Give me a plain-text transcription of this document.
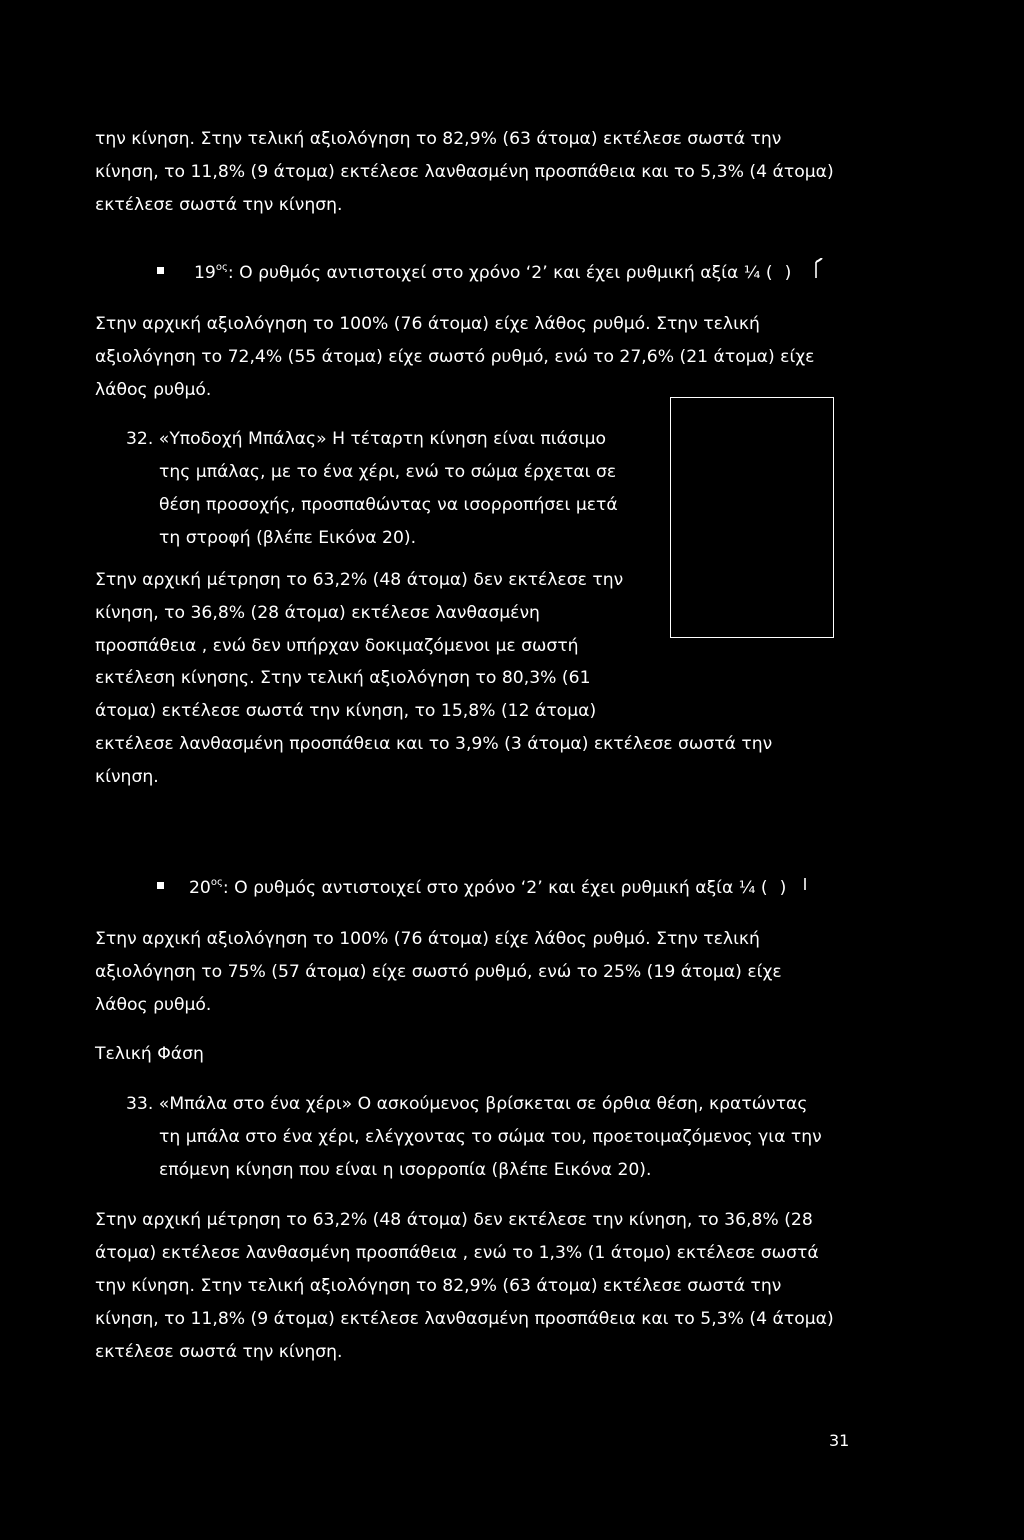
την κίνηση. Στην τελική αξιολόγηση το 82,9% (63 άτομα) εκτέλεσε σωστά την
κίνηση, το 11,8% (9 άτομα) εκτέλεσε λανθασμένη προσπάθεια και το 5,3% (4 άτομα)
εκτέλεσε σωστά την κίνηση.
$19^{o\varsigma}$: Ο ρυθμός αντιστοιχεί στο χρόνο ‘2’ και έχει ρυθμική αξία ¼ ( )
Στην αρχική αξιολόγηση το 100% (76 άτομα) είχε λάθος ρυθμό. Στην τελική
αξιολόγηση το 72,4% (55 άτομα) είχε σωστό ρυθμό, ενώ το 27,6% (21 άτομα) είχε
λάθος ρυθμό.
32. «Υποδοχή Μπάλας» Η τέταρτη κίνηση είναι πιάσιμο
της μπάλας, με το ένα χέρι, ενώ το σώμα έρχεται σε
θέση προσοχής, προσπαθώντας να ισορροπήσει μετά
τη στροφή (βλέπε Εικόνα 20).
Στην αρχική μέτρηση το 63,2% (48 άτομα) δεν εκτέλεσε την
κίνηση, το 36,8% (28 άτομα) εκτέλεσε λανθασμένη
προσπάθεια , ενώ δεν υπήρχαν δοκιμαζόμενοι με σωστή
εκτέλεση κίνησης. Στην τελική αξιολόγηση το 80,3% (61
άτομα) εκτέλεσε σωστά την κίνηση, το 15,8% (12 άτομα)
εκτέλεσε λανθασμένη προσπάθεια και το 3,9% (3 άτομα) εκτέλεσε σωστά την
κίνηση.
$20^{o\varsigma}$: Ο ρυθμός αντιστοιχεί στο χρόνο ‘2’ και έχει ρυθμική αξία ¼ ( )
Στην αρχική αξιολόγηση το 100% (76 άτομα) είχε λάθος ρυθμό. Στην τελική
αξιολόγηση το 75% (57 άτομα) είχε σωστό ρυθμό, ενώ το 25% (19 άτομα) είχε
λάθος ρυθμό.
Τελική Φάση
33. «Μπάλα στο ένα χέρι» Ο ασκούμενος βρίσκεται σε όρθια θέση, κρατώντας
τη μπάλα στο ένα χέρι, ελέγχοντας το σώμα του, προετοιμαζόμενος για την
επόμενη κίνηση που είναι η ισορροπία (βλέπε Εικόνα 20).
Στην αρχική μέτρηση το 63,2% (48 άτομα) δεν εκτέλεσε την κίνηση, το 36,8% (28
άτομα) εκτέλεσε λανθασμένη προσπάθεια , ενώ το 1,3% (1 άτομο) εκτέλεσε σωστά
την κίνηση. Στην τελική αξιολόγηση το 82,9% (63 άτομα) εκτέλεσε σωστά την
κίνηση, το 11,8% (9 άτομα) εκτέλεσε λανθασμένη προσπάθεια και το 5,3% (4 άτομα)
εκτέλεσε σωστά την κίνηση.
31
